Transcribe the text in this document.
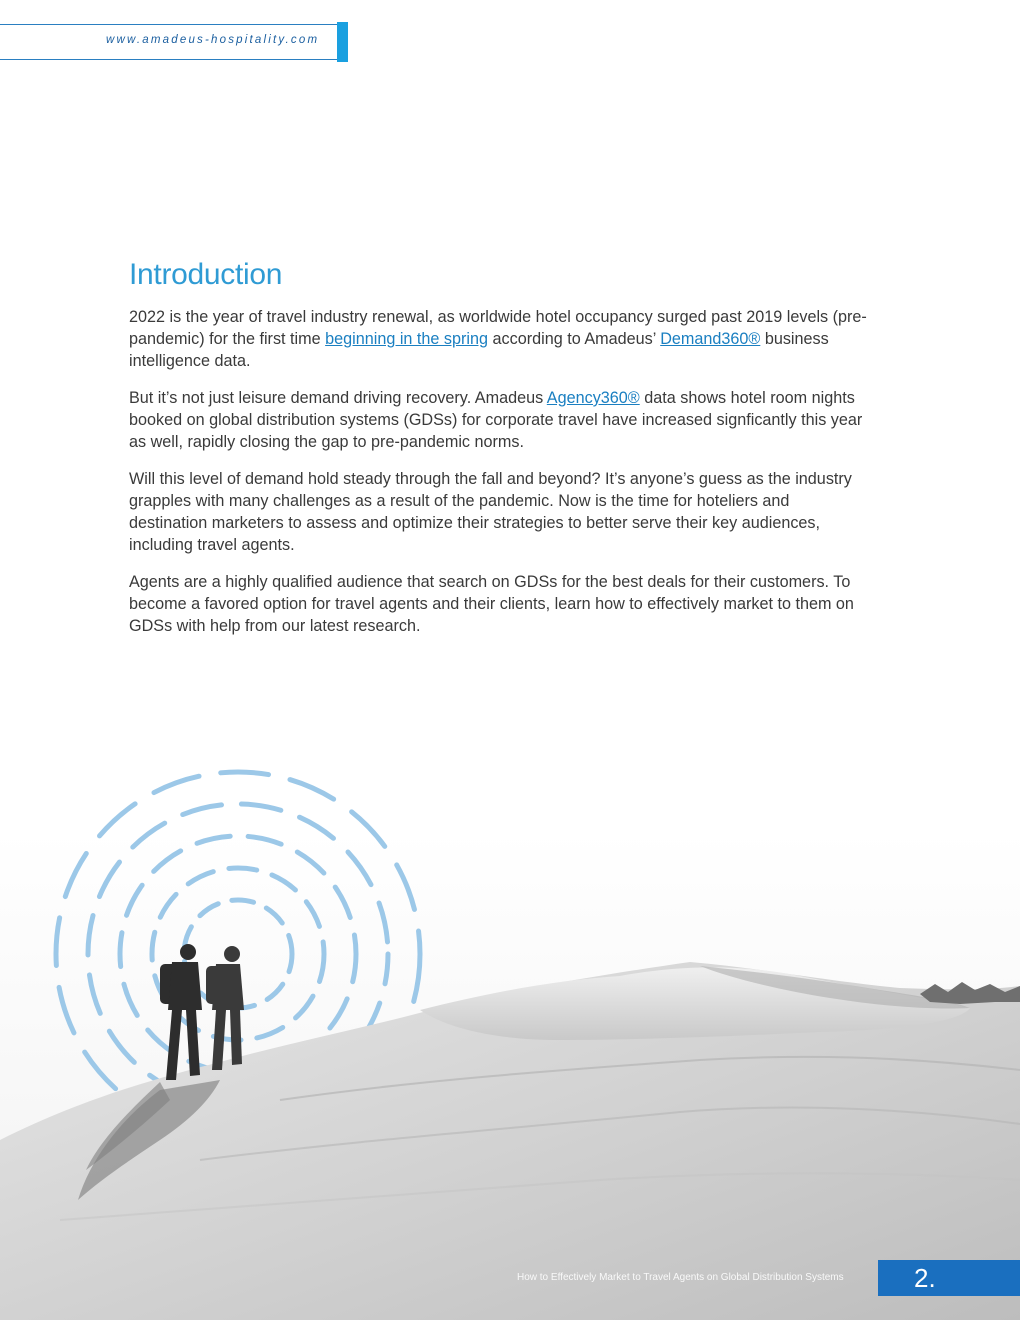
www.amadeus-hospitality.com
Introduction

2022 is the year of travel industry renewal, as worldwide hotel occupancy surged past 2019 levels (pre-pandemic) for the first time beginning in the spring according to Amadeus’ Demand360® business intelligence data.

But it’s not just leisure demand driving recovery. Amadeus Agency360® data shows hotel room nights booked on global distribution systems (GDSs) for corporate travel have increased signficantly this year as well, rapidly closing the gap to pre-pandemic norms.

Will this level of demand hold steady through the fall and beyond? It’s anyone’s guess as the industry grapples with many challenges as a result of the pandemic. Now is the time for hoteliers and destination marketers to assess and optimize their strategies to better serve their key audiences, including travel agents.

Agents are a highly qualified audience that search on GDSs for the best deals for their customers. To become a favored option for travel agents and their clients, learn how to effectively market to them on GDSs with help from our latest research.

How to Effectively Market to Travel Agents on Global Distribution Systems	2.
